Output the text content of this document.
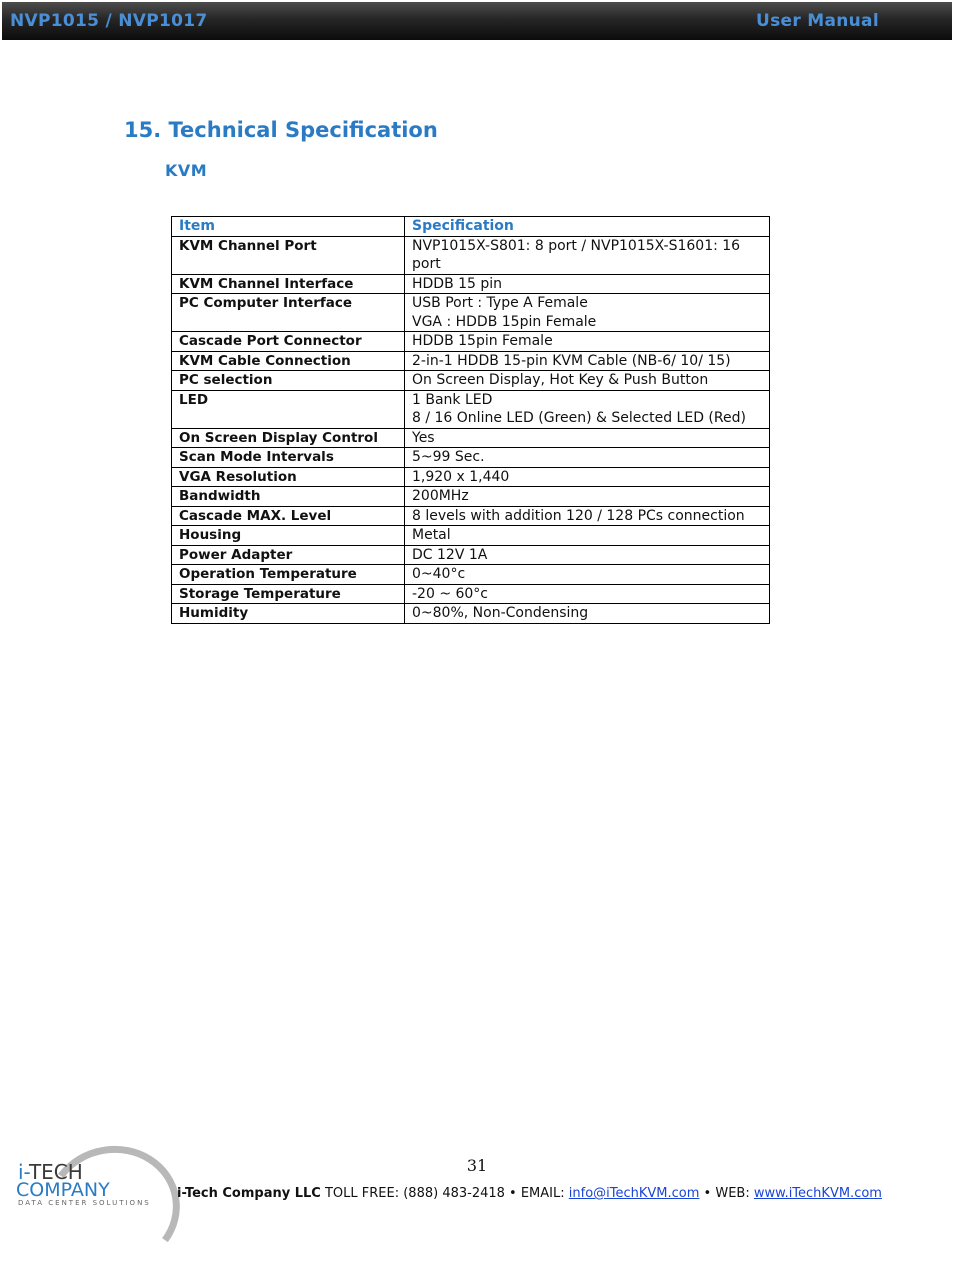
NVP1015 / NVP1017	User Manual
15. Technical Specification
KVM
Item	Specification
KVM Channel Port	NVP1015X-S801: 8 port / NVP1015X-S1601: 16 port

KVM Channel Interface	HDDB 15 pin

PC Computer Interface	USB Port : Type A Female
VGA : HDDB 15pin Female

Cascade Port Connector	HDDB 15pin Female

KVM Cable Connection	2-in-1 HDDB 15-pin KVM Cable (NB-6/ 10/ 15)

PC selection	On Screen Display, Hot Key & Push Button

LED	1 Bank LED
8 / 16 Online LED (Green) & Selected LED (Red)

On Screen Display Control	Yes

Scan Mode Intervals	5~99 Sec.

VGA Resolution	1,920 x 1,440

Bandwidth	200MHz

Cascade MAX. Level	8 levels with addition 120 / 128 PCs connection

Housing	Metal

Power Adapter	DC 12V 1A

Operation Temperature	0~40°c

Storage Temperature	-20 ~ 60°c

Humidity	0~80%, Non-Condensing
31
i-TECH
COMPANY
DATA CENTER SOLUTIONS
i-Tech Company LLC TOLL FREE: (888) 483-2418 • EMAIL: info@iTechKVM.com • WEB: www.iTechKVM.com
